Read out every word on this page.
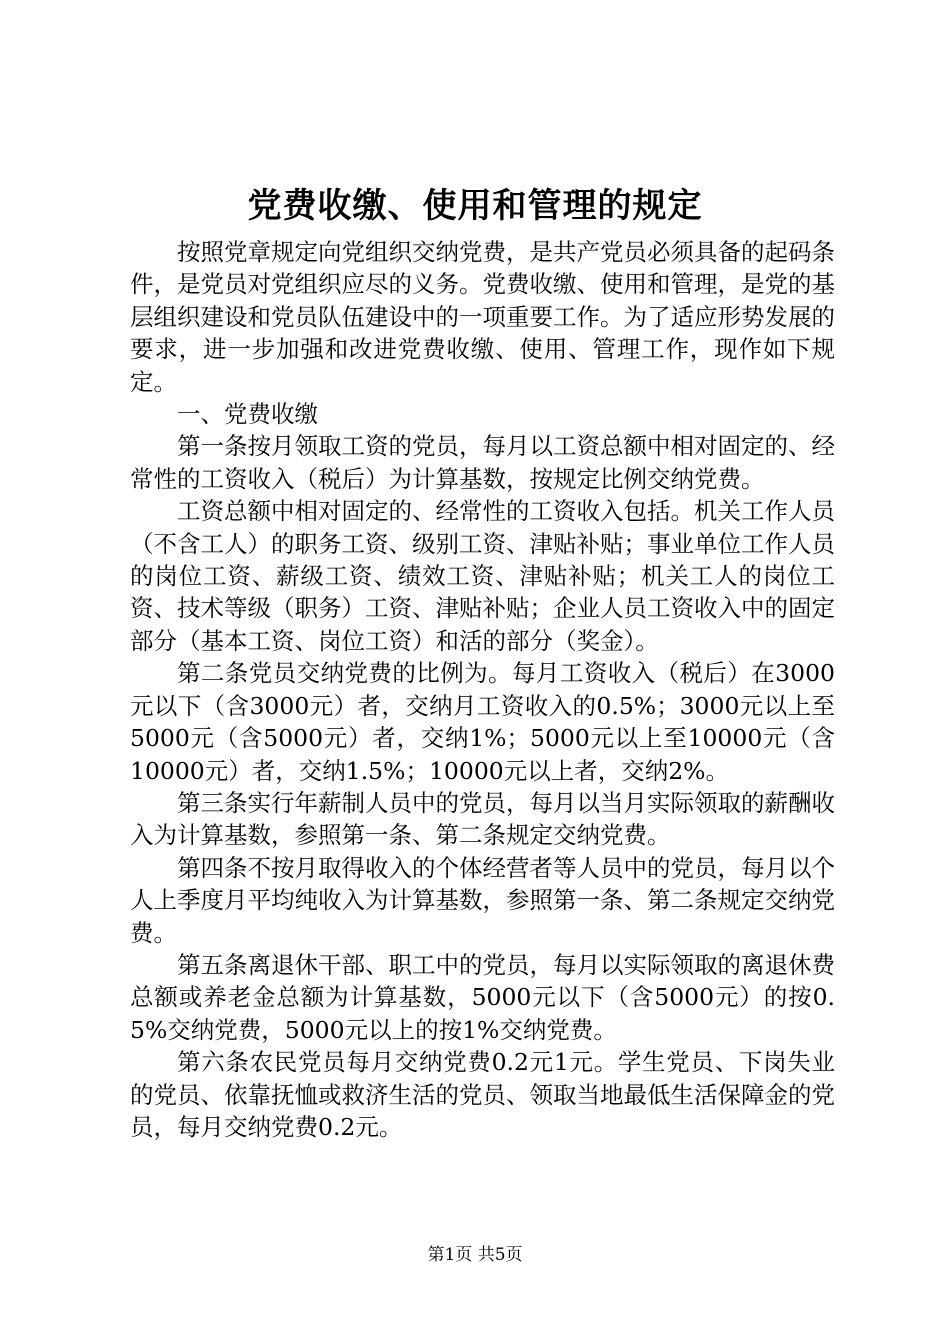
党费收缴、使用和管理的规定

按照党章规定向党组织交纳党费，是共产党员必须具备的起码条件，是党员对党组织应尽的义务。党费收缴、使用和管理，是党的基层组织建设和党员队伍建设中的一项重要工作。为了适应形势发展的要求，进一步加强和改进党费收缴、使用、管理工作，现作如下规定。

一、党费收缴

第一条按月领取工资的党员，每月以工资总额中相对固定的、经常性的工资收入（税后）为计算基数，按规定比例交纳党费。

工资总额中相对固定的、经常性的工资收入包括。机关工作人员（不含工人）的职务工资、级别工资、津贴补贴；事业单位工作人员的岗位工资、薪级工资、绩效工资、津贴补贴；机关工人的岗位工资、技术等级（职务）工资、津贴补贴；企业人员工资收入中的固定部分（基本工资、岗位工资）和活的部分（奖金）。

第二条党员交纳党费的比例为。每月工资收入（税后）在3000元以下（含3000元）者，交纳月工资收入的0.5%；3000元以上至5000元（含5000元）者，交纳1%；5000元以上至10000元（含10000元）者，交纳1.5%；10000元以上者，交纳2%。

第三条实行年薪制人员中的党员，每月以当月实际领取的薪酬收入为计算基数，参照第一条、第二条规定交纳党费。

第四条不按月取得收入的个体经营者等人员中的党员，每月以个人上季度月平均纯收入为计算基数，参照第一条、第二条规定交纳党费。

第五条离退休干部、职工中的党员，每月以实际领取的离退休费总额或养老金总额为计算基数，5000元以下（含5000元）的按0.5%交纳党费，5000元以上的按1%交纳党费。

第六条农民党员每月交纳党费0.2元1元。学生党员、下岗失业的党员、依靠抚恤或救济生活的党员、领取当地最低生活保障金的党员，每月交纳党费0.2元。

第1页 共5页
